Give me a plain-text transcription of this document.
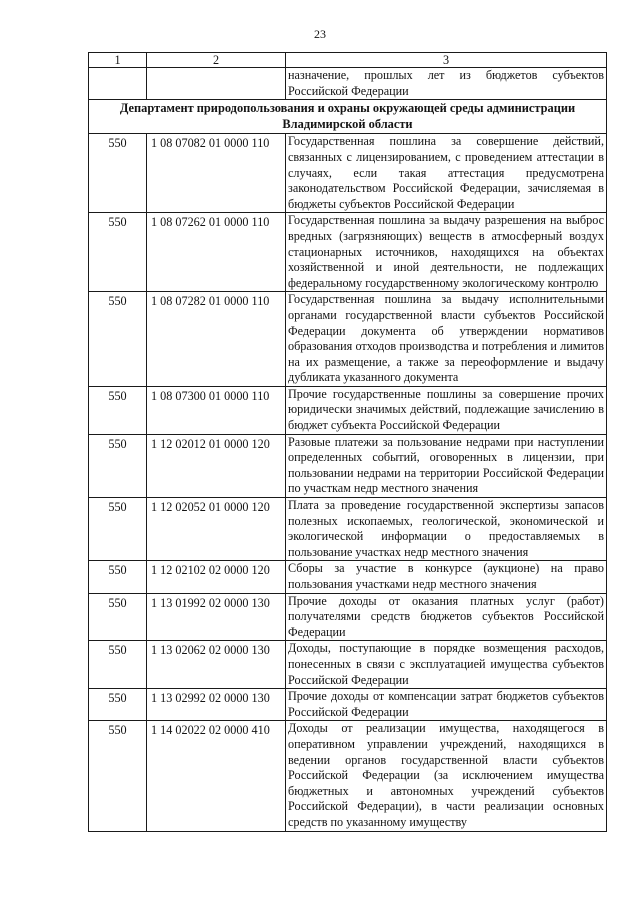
23
1	2	3
		назначение, прошлых лет из бюджетов субъектов Российской Федерации
Департамент природопользования и охраны окружающей среды администрации Владимирской области		
550	1 08 07082 01 0000 110	Государственная пошлина за совершение действий, связанных с лицензированием, с проведением аттестации в случаях, если такая аттестация предусмотрена законодательством Российской Федерации, зачисляемая в бюджеты субъектов Российской Федерации
550	1 08 07262 01 0000 110	Государственная пошлина за выдачу разрешения на выброс вредных (загрязняющих) веществ в атмосферный воздух стационарных источников, находящихся на объектах хозяйственной и иной деятельности, не подлежащих федеральному государственному экологическому контролю
550	1 08 07282 01 0000 110	Государственная пошлина за выдачу исполнительными органами государственной власти субъектов Российской Федерации документа об утверждении нормативов образования отходов производства и потребления и лимитов на их размещение, а также за переоформление и выдачу дубликата указанного документа
550	1 08 07300 01 0000 110	Прочие государственные пошлины за совершение прочих юридически значимых действий, подлежащие зачислению в бюджет субъекта Российской Федерации
550	1 12 02012 01 0000 120	Разовые платежи за пользование недрами при наступлении определенных событий, оговоренных в лицензии, при пользовании недрами на территории Российской Федерации по участкам недр местного значения
550	1 12 02052 01 0000 120	Плата за проведение государственной экспертизы запасов полезных ископаемых, геологической, экономической и экологической информации о предоставляемых в пользование участках недр местного значения
550	1 12 02102 02 0000 120	Сборы за участие в конкурсе (аукционе) на право пользования участками недр местного значения
550	1 13 01992 02 0000 130	Прочие доходы от оказания платных услуг (работ) получателями средств бюджетов субъектов Российской Федерации
550	1 13 02062 02 0000 130	Доходы, поступающие в порядке возмещения расходов, понесенных в связи с эксплуатацией имущества субъектов Российской Федерации
550	1 13 02992 02 0000 130	Прочие доходы от компенсации затрат бюджетов субъектов Российской Федерации
550	1 14 02022 02 0000 410	Доходы от реализации имущества, находящегося в оперативном управлении учреждений, находящихся в ведении органов государственной власти субъектов Российской Федерации (за исключением имущества бюджетных и автономных учреждений субъектов Российской Федерации), в части реализации основных средств по указанному имуществу
